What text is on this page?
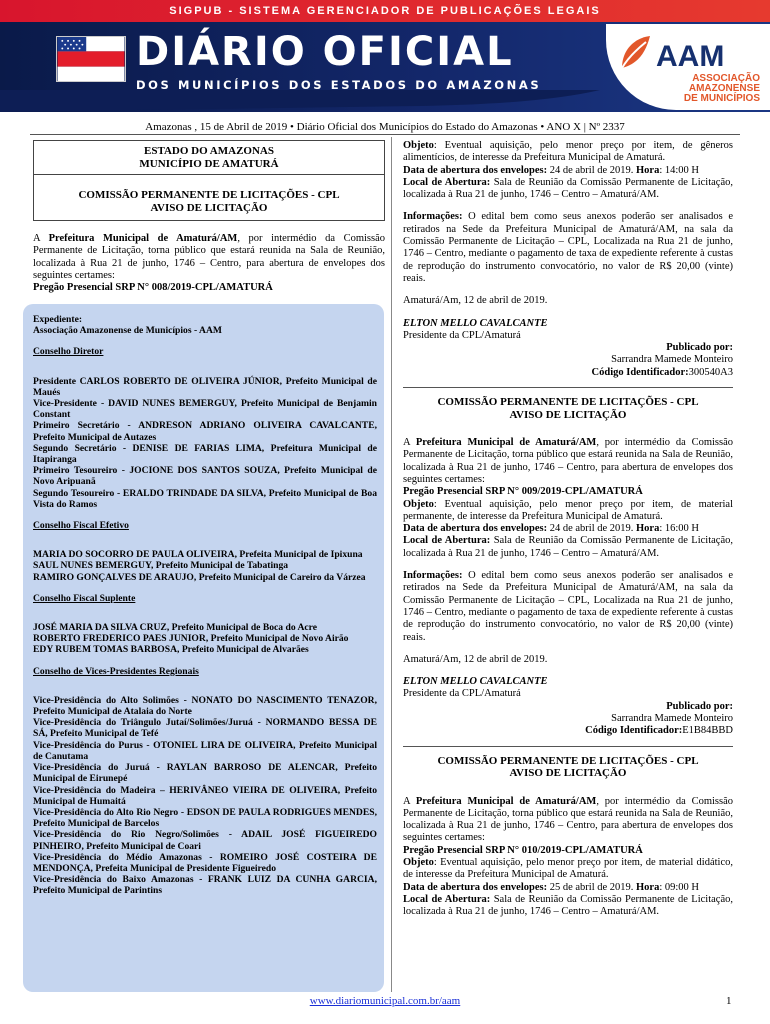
SIGPUB - SISTEMA GERENCIADOR DE PUBLICAÇÕES LEGAIS
DIÁRIO OFICIAL
DOS MUNICÍPIOS DOS ESTADOS DO AMAZONAS
AAM
ASSOCIAÇÃO
AMAZONENSE
DE MUNICÍPIOS
Amazonas , 15 de Abril de 2019 • Diário Oficial dos Municípios do Estado do Amazonas • ANO X | Nº 2337
ESTADO DO AMAZONAS
MUNICÍPIO DE AMATURÁ
COMISSÃO PERMANENTE DE LICITAÇÕES - CPL
AVISO DE LICITAÇÃO
A Prefeitura Municipal de Amaturá/AM, por intermédio da Comissão Permanente de Licitação, torna público que estará reunida na Sala de Reunião, localizada à Rua 21 de junho, 1746 – Centro, para abertura de envelopes dos seguintes certames:
Pregão Presencial SRP N° 008/2019-CPL/AMATURÁ
Expediente:
Associação Amazonense de Municípios - AAM
Conselho Diretor
Presidente CARLOS ROBERTO DE OLIVEIRA JÚNIOR, Prefeito Municipal de Maués
Vice-Presidente - DAVID NUNES BEMERGUY, Prefeito Municipal de Benjamin Constant
Primeiro Secretário - ANDRESON ADRIANO OLIVEIRA CAVALCANTE, Prefeito Municipal de Autazes
Segundo Secretário - DENISE DE FARIAS LIMA, Prefeitura Municipal de Itapiranga
Primeiro Tesoureiro - JOCIONE DOS SANTOS SOUZA, Prefeito Municipal de Novo Aripuanã
Segundo Tesoureiro - ERALDO TRINDADE DA SILVA, Prefeito Municipal de Boa Vista do Ramos
Conselho Fiscal Efetivo
MARIA DO SOCORRO DE PAULA OLIVEIRA, Prefeita Municipal de Ipixuna
SAUL NUNES BEMERGUY, Prefeito Municipal de Tabatinga
RAMIRO GONÇALVES DE ARAUJO, Prefeito Municipal de Careiro da Várzea
Conselho Fiscal Suplente
JOSÉ MARIA DA SILVA CRUZ, Prefeito Municipal de Boca do Acre
ROBERTO FREDERICO PAES JUNIOR, Prefeito Municipal de Novo Airão
EDY RUBEM TOMAS BARBOSA, Prefeito Municipal de Alvarães
Conselho de Vices-Presidentes Regionais
Vice-Presidência do Alto Solimões - NONATO DO NASCIMENTO TENAZOR, Prefeito Municipal de Atalaia do Norte
Vice-Presidência do Triângulo Jutaí/Solimões/Juruá - NORMANDO BESSA DE SÁ, Prefeito Municipal de Tefé
Vice-Presidência do Purus - OTONIEL LIRA DE OLIVEIRA, Prefeito Municipal de Canutama
Vice-Presidência do Juruá - RAYLAN BARROSO DE ALENCAR, Prefeito Municipal de Eirunepé
Vice-Presidência do Madeira – HERIVÂNEO VIEIRA DE OLIVEIRA, Prefeito Municipal de Humaitá
Vice-Presidência do Alto Rio Negro - EDSON DE PAULA RODRIGUES MENDES, Prefeito Municipal de Barcelos
Vice-Presidência do Rio Negro/Solimões - ADAIL JOSÉ FIGUEIREDO PINHEIRO, Prefeito Municipal de Coari
Vice-Presidência do Médio Amazonas - ROMEIRO JOSÉ COSTEIRA DE MENDONÇA, Prefeita Municipal de Presidente Figueiredo
Vice-Presidência do Baixo Amazonas - FRANK LUIZ DA CUNHA GARCIA, Prefeito Municipal de Parintins
Objeto: Eventual aquisição, pelo menor preço por item, de gêneros alimentícios, de interesse da Prefeitura Municipal de Amaturá.
Data de abertura dos envelopes: 24 de abril de 2019. Hora: 14:00 H
Local de Abertura: Sala de Reunião da Comissão Permanente de Licitação, localizada à Rua 21 de junho, 1746 – Centro – Amaturá/AM.
Informações: O edital bem como seus anexos poderão ser analisados e retirados na Sede da Prefeitura Municipal de Amaturá/AM, na sala da Comissão Permanente de Licitação – CPL, Localizada na Rua 21 de junho, 1746 – Centro, mediante o pagamento de taxa de expediente referente à custas de reprodução do instrumento convocatório, no valor de R$ 20,00 (vinte) reais.
Amaturá/Am, 12 de abril de 2019.
ELTON MELLO CAVALCANTE
Presidente da CPL/Amaturá
Publicado por:
Sarrandra Mamede Monteiro
Código Identificador:300540A3
COMISSÃO PERMANENTE DE LICITAÇÕES - CPL
AVISO DE LICITAÇÃO
A Prefeitura Municipal de Amaturá/AM, por intermédio da Comissão Permanente de Licitação, torna público que estará reunida na Sala de Reunião, localizada à Rua 21 de junho, 1746 – Centro, para abertura de envelopes dos seguintes certames:
Pregão Presencial SRP N° 009/2019-CPL/AMATURÁ
Objeto: Eventual aquisição, pelo menor preço por item, de material permanente, de interesse da Prefeitura Municipal de Amaturá.
Data de abertura dos envelopes: 24 de abril de 2019. Hora: 16:00 H
Local de Abertura: Sala de Reunião da Comissão Permanente de Licitação, localizada à Rua 21 de junho, 1746 – Centro – Amaturá/AM.
Informações: O edital bem como seus anexos poderão ser analisados e retirados na Sede da Prefeitura Municipal de Amaturá/AM, na sala da Comissão Permanente de Licitação – CPL, Localizada na Rua 21 de junho, 1746 – Centro, mediante o pagamento de taxa de expediente referente à custas de reprodução do instrumento convocatório, no valor de R$ 20,00 (vinte) reais.
Amaturá/Am, 12 de abril de 2019.
ELTON MELLO CAVALCANTE
Presidente da CPL/Amaturá
Publicado por:
Sarrandra Mamede Monteiro
Código Identificador:E1B84BBD
COMISSÃO PERMANENTE DE LICITAÇÕES - CPL
AVISO DE LICITAÇÃO
A Prefeitura Municipal de Amaturá/AM, por intermédio da Comissão Permanente de Licitação, torna público que estará reunida na Sala de Reunião, localizada à Rua 21 de junho, 1746 – Centro, para abertura de envelopes dos seguintes certames:
Pregão Presencial SRP N° 010/2019-CPL/AMATURÁ
Objeto: Eventual aquisição, pelo menor preço por item, de material didático, de interesse da Prefeitura Municipal de Amaturá.
Data de abertura dos envelopes: 25 de abril de 2019. Hora: 09:00 H
Local de Abertura: Sala de Reunião da Comissão Permanente de Licitação, localizada à Rua 21 de junho, 1746 – Centro – Amaturá/AM.
www.diariomunicipal.com.br/aam	1
